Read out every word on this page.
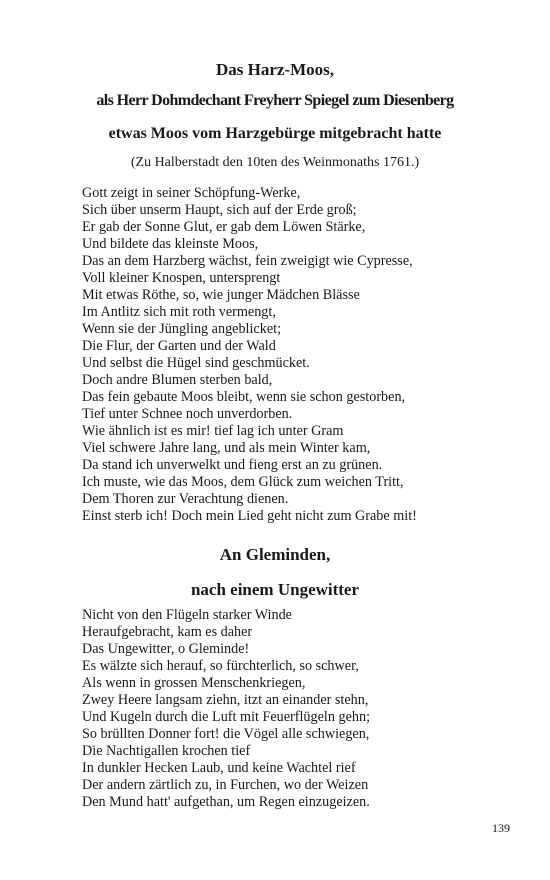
Das Harz-Moos,
als Herr Dohmdechant Freyherr Spiegel zum Diesenberg
etwas Moos vom Harzgebürge mitgebracht hatte
(Zu Halberstadt den 10ten des Weinmonaths 1761.)
Gott zeigt in seiner Schöpfung-Werke,
Sich über unserm Haupt, sich auf der Erde groß;
Er gab der Sonne Glut, er gab dem Löwen Stärke,
Und bildete das kleinste Moos,
Das an dem Harzberg wächst, fein zweigigt wie Cypresse,
Voll kleiner Knospen, untersprengt
Mit etwas Röthe, so, wie junger Mädchen Blässe
Im Antlitz sich mit roth vermengt,
Wenn sie der Jüngling angeblicket;
Die Flur, der Garten und der Wald
Und selbst die Hügel sind geschmücket.
Doch andre Blumen sterben bald,
Das fein gebaute Moos bleibt, wenn sie schon gestorben,
Tief unter Schnee noch unverdorben.
Wie ähnlich ist es mir! tief lag ich unter Gram
Viel schwere Jahre lang, und als mein Winter kam,
Da stand ich unverwelkt und fieng erst an zu grünen.
Ich muste, wie das Moos, dem Glück zum weichen Tritt,
Dem Thoren zur Verachtung dienen.
Einst sterb ich! Doch mein Lied geht nicht zum Grabe mit!
An Gleminden,
nach einem Ungewitter
Nicht von den Flügeln starker Winde
Heraufgebracht, kam es daher
Das Ungewitter, o Gleminde!
Es wälzte sich herauf, so fürchterlich, so schwer,
Als wenn in grossen Menschenkriegen,
Zwey Heere langsam ziehn, itzt an einander stehn,
Und Kugeln durch die Luft mit Feuerflügeln gehn;
So brüllten Donner fort! die Vögel alle schwiegen,
Die Nachtigallen krochen tief
In dunkler Hecken Laub, und keine Wachtel rief
Der andern zärtlich zu, in Furchen, wo der Weizen
Den Mund hatt' aufgethan, um Regen einzugeizen.
139
